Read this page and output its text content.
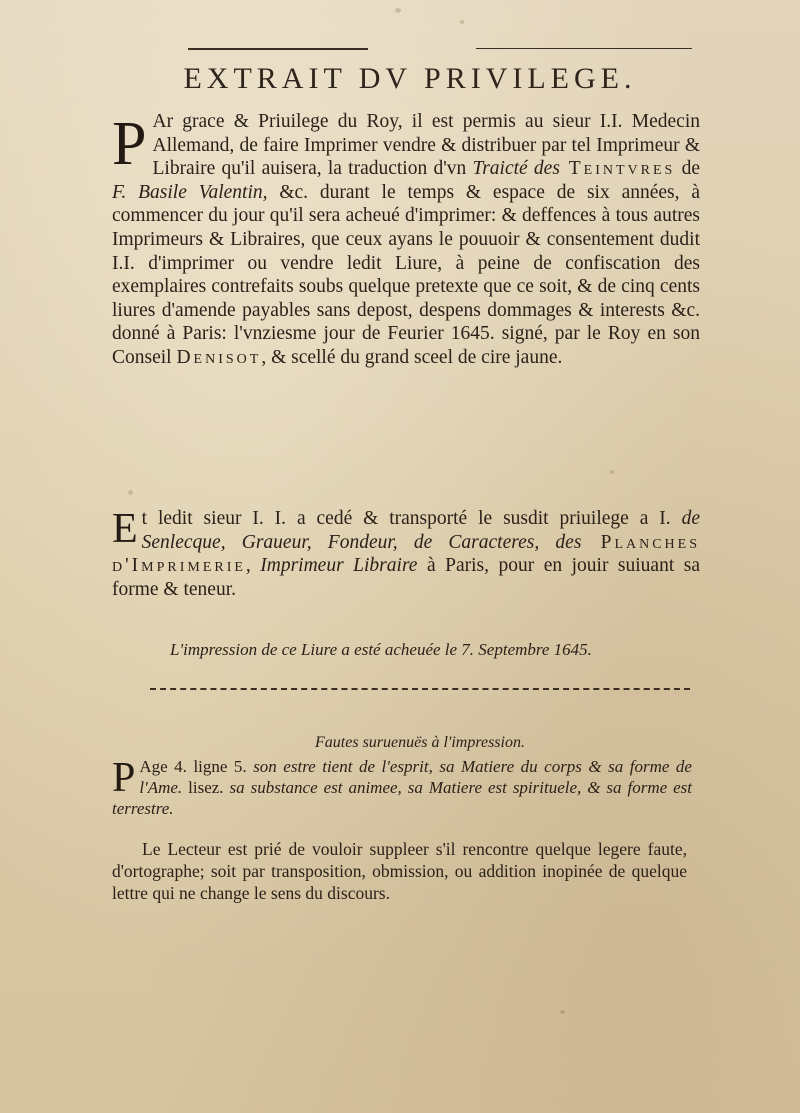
EXTRAIT DV PRIVILEGE.
P Ar grace & Priuilege du Roy, il est permis au sieur I.I. Medecin Allemand, de faire Imprimer vendre & distribuer par tel Imprimeur & Libraire qu'il auisera, la traduction d'vn Traicté des Teintvres de F. Basile Valentin, &c. durant le temps & espace de six années, à commencer du jour qu'il sera acheué d'imprimer: & deffences à tous autres Imprimeurs & Libraires, que ceux ayans le pouuoir & consentement dudit I.I. d'imprimer ou vendre ledit Liure, à peine de confiscation des exemplaires contrefaits soubs quelque pretexte que ce soit, & de cinq cents liures d'amende payables sans depost, despens dommages & interests &c. donné à Paris: l'vnziesme jour de Feurier 1645. signé, par le Roy en son Conseil Denisot, & scellé du grand sceel de cire jaune.
E t ledit sieur I. I. a cedé & transporté le susdit priuilege a I. de Senlecque, Graueur, Fondeur, de Caracteres, des Planches d'Imprimerie, Imprimeur Libraire à Paris, pour en jouir suiuant sa forme & teneur.
L'impression de ce Liure a esté acheuée le 7. Septembre 1645.
Fautes suruenuës à l'impression.
P Age 4. ligne 5. son estre tient de l'esprit, sa Matiere du corps & sa forme de l'Ame. lisez. sa substance est animee, sa Matiere est spirituele, & sa forme est terrestre.
Le Lecteur est prié de vouloir suppleer s'il rencontre quelque legere faute, d'ortographe; soit par transposition, obmission, ou addition inopinée de quelque lettre qui ne change le sens du discours.
